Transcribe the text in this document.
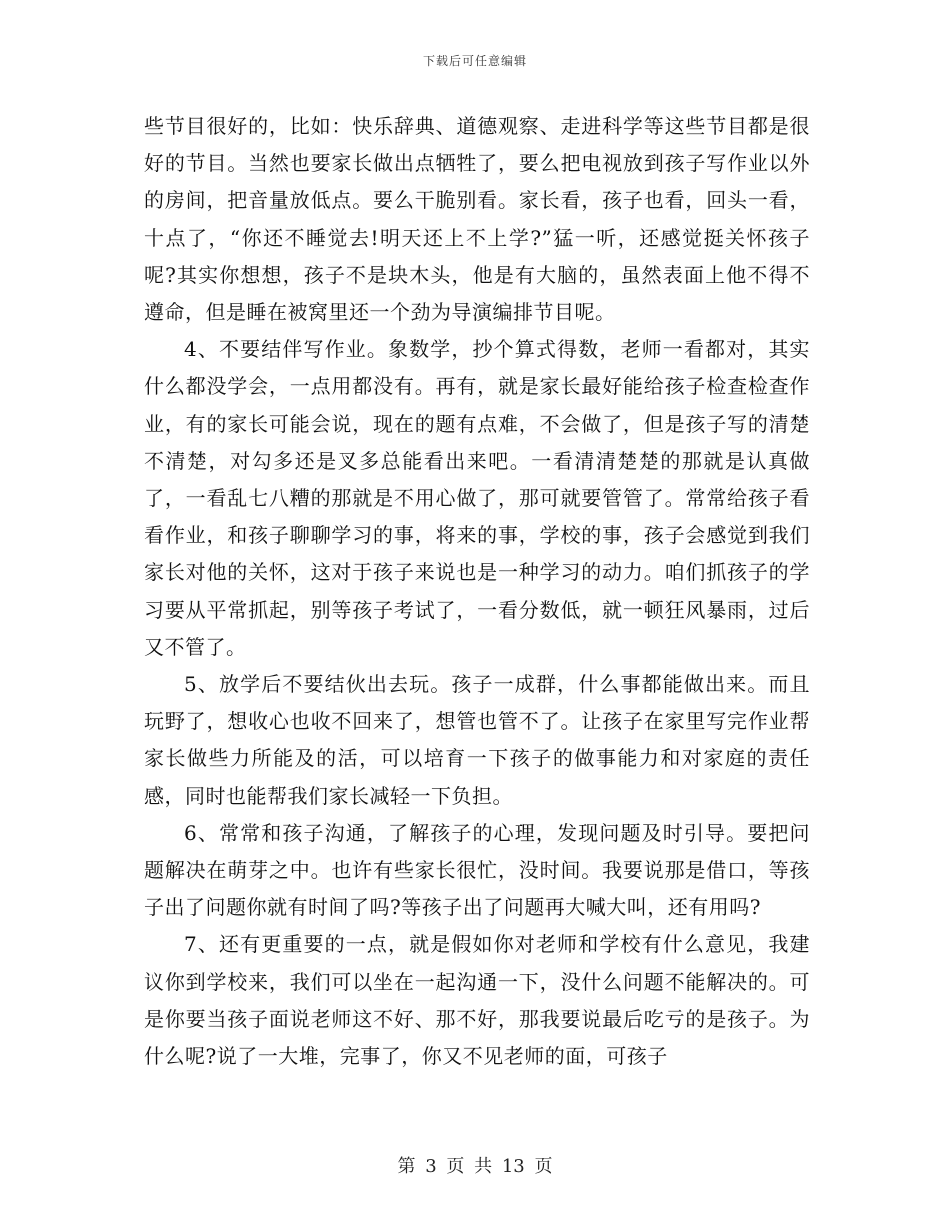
下载后可任意编辑

些节目很好的，比如：快乐辞典、道德观察、走进科学等这些节目都是很好的节目。当然也要家长做出点牺牲了，要么把电视放到孩子写作业以外的房间，把音量放低点。要么干脆别看。家长看，孩子也看，回头一看，十点了，“你还不睡觉去!明天还上不上学?”猛一听，还感觉挺关怀孩子呢?其实你想想，孩子不是块木头，他是有大脑的，虽然表面上他不得不遵命，但是睡在被窝里还一个劲为导演编排节目呢。

4、不要结伴写作业。象数学，抄个算式得数，老师一看都对，其实什么都没学会，一点用都没有。再有，就是家长最好能给孩子检查检查作业，有的家长可能会说，现在的题有点难，不会做了，但是孩子写的清楚不清楚，对勾多还是叉多总能看出来吧。一看清清楚楚的那就是认真做了，一看乱七八糟的那就是不用心做了，那可就要管管了。常常给孩子看看作业，和孩子聊聊学习的事，将来的事，学校的事，孩子会感觉到我们家长对他的关怀，这对于孩子来说也是一种学习的动力。咱们抓孩子的学习要从平常抓起，别等孩子考试了，一看分数低，就一顿狂风暴雨，过后又不管了。

5、放学后不要结伙出去玩。孩子一成群，什么事都能做出来。而且玩野了，想收心也收不回来了，想管也管不了。让孩子在家里写完作业帮家长做些力所能及的活，可以培育一下孩子的做事能力和对家庭的责任感，同时也能帮我们家长减轻一下负担。

6、常常和孩子沟通，了解孩子的心理，发现问题及时引导。要把问题解决在萌芽之中。也许有些家长很忙，没时间。我要说那是借口，等孩子出了问题你就有时间了吗?等孩子出了问题再大喊大叫，还有用吗?

7、还有更重要的一点，就是假如你对老师和学校有什么意见，我建议你到学校来，我们可以坐在一起沟通一下，没什么问题不能解决的。可是你要当孩子面说老师这不好、那不好，那我要说最后吃亏的是孩子。为什么呢?说了一大堆，完事了，你又不见老师的面，可孩子

第 3 页 共 13 页
